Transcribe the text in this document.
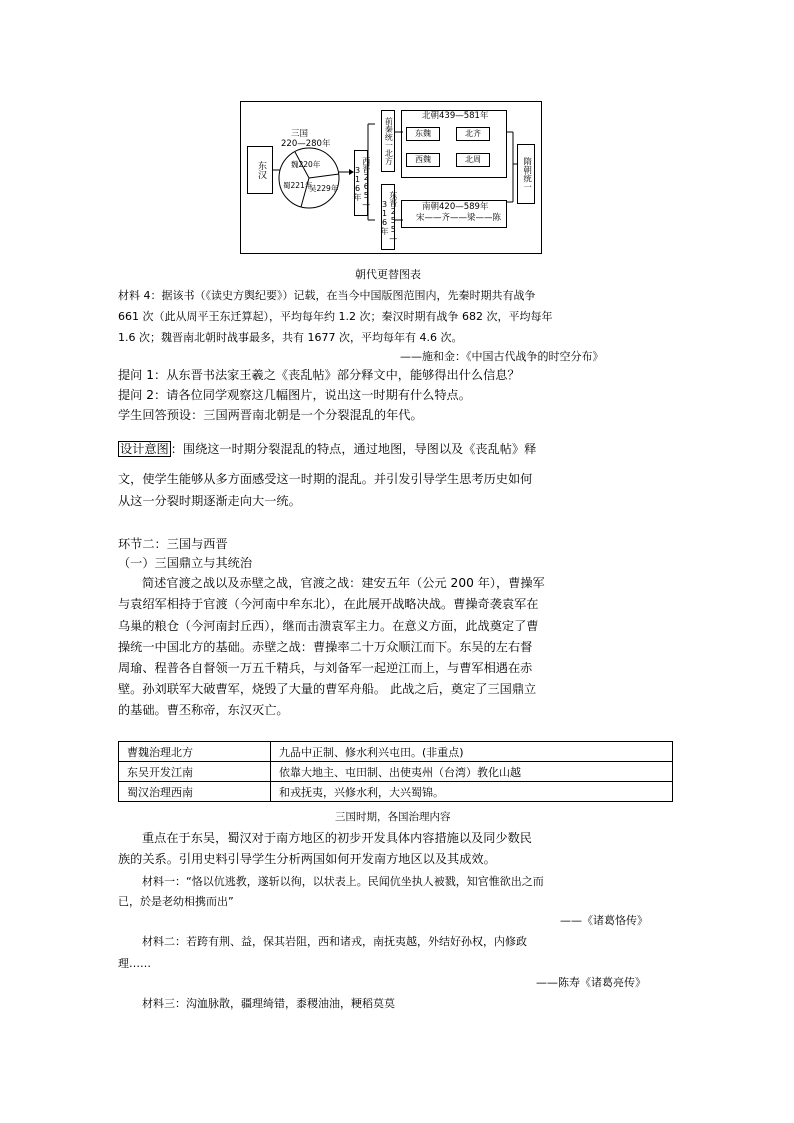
东汉
三国
220—280年
魏220年
蜀221年
吴229年	西晋265—316年
前秦统一北方
东晋255—316年
北朝439—581年
东魏	北齐
西魏	北周
南朝420—589年
宋——齐——梁——陈
隋朝统一
朝代更替图表
材料 4：据该书（《读史方舆纪要》）记载，在当今中国版图范围内，先秦时期共有战争
661 次（此从周平王东迁算起），平均每年约 1.2 次；秦汉时期有战争 682 次，平均每年
1.6 次；魏晋南北朝时战事最多，共有 1677 次，平均每年有 4.6 次。
——施和金：《中国古代战争的时空分布》
提问 1：从东晋书法家王羲之《丧乱帖》部分释文中，能够得出什么信息？
提问 2：请各位同学观察这几幅图片，说出这一时期有什么特点。
学生回答预设：三国两晋南北朝是一个分裂混乱的年代。
设计意图 ：围绕这一时期分裂混乱的特点，通过地图，导图以及《丧乱帖》释
文，使学生能够从多方面感受这一时期的混乱。并引发引导学生思考历史如何
从这一分裂时期逐渐走向大一统。
环节二：三国与西晋
（一）三国鼎立与其统治
简述官渡之战以及赤壁之战，官渡之战：建安五年（公元 200 年），曹操军
与袁绍军相持于官渡（今河南中牟东北），在此展开战略决战。曹操奇袭袁军在
乌巢的粮仓（今河南封丘西），继而击溃袁军主力。在意义方面，此战奠定了曹
操统一中国北方的基础。赤壁之战：曹操率二十万众顺江而下。东吴的左右督
周瑜、程普各自督领一万五千精兵，与刘备军一起逆江而上，与曹军相遇在赤
壁。孙刘联军大破曹军，烧毁了大量的曹军舟船。 此战之后，奠定了三国鼎立
的基础。曹丕称帝，东汉灭亡。
曹魏治理北方	九品中正制、修水利兴屯田。(非重点)
东吴开发江南	依靠大地主、屯田制、出使夷州（台湾）教化山越
蜀汉治理西南	和戎抚夷，兴修水利，大兴蜀锦。
三国时期，各国治理内容
重点在于东吴，蜀汉对于南方地区的初步开发具体内容措施以及同少数民
族的关系。引用史料引导学生分析两国如何开发南方地区以及其成效。
材料一：“恪以伉逃教，遂斩以徇，以状表上。民闻伉坐执人被戮，知官惟欲出之而
已，於是老幼相携而出”
——《诸葛恪传》
材料二：若跨有荆、益，保其岩阻，西和诸戎，南抚夷越，外结好孙权，内修政
理……
——陈寿《诸葛亮传》
材料三：沟洫脉散，疆理绮错，黍稷油油，粳稻莫莫
